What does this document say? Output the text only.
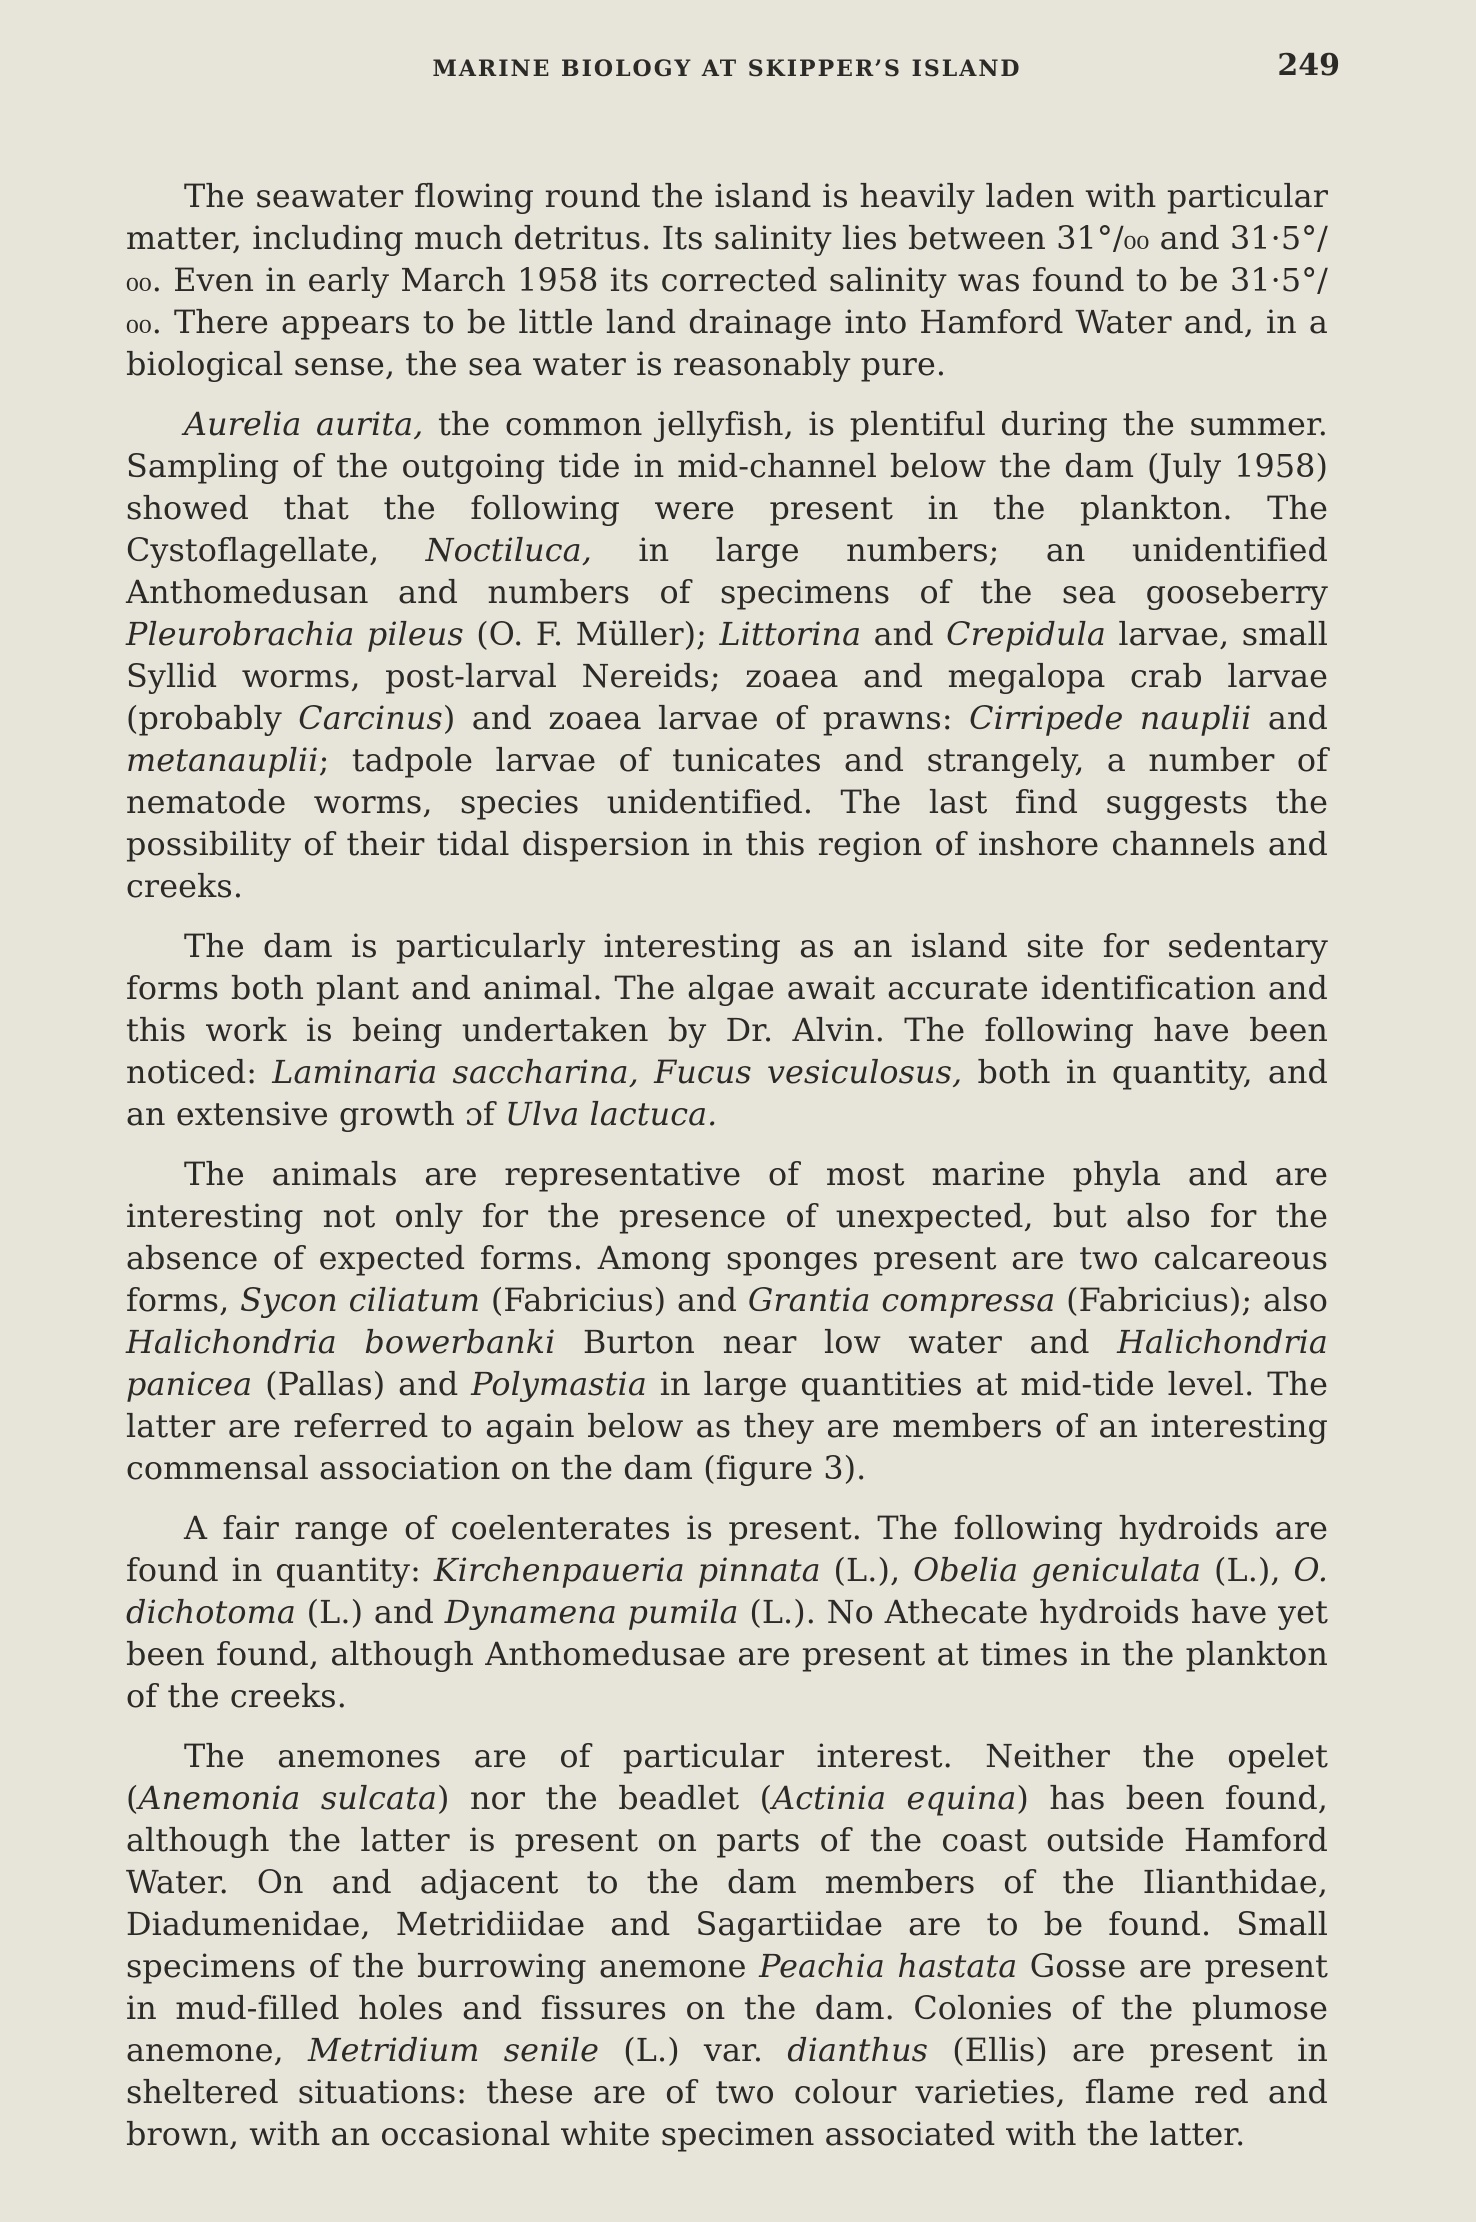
MARINE BIOLOGY AT SKIPPER’S ISLAND	249

The seawater flowing round the island is heavily laden with particular matter, including much detritus. Its salinity lies between 31°/₀₀ and 31·5°/₀₀. Even in early March 1958 its corrected salinity was found to be 31·5°/₀₀. There appears to be little land drainage into Hamford Water and, in a biological sense, the sea water is reasonably pure.

Aurelia aurita, the common jellyfish, is plentiful during the summer. Sampling of the outgoing tide in mid-channel below the dam (July 1958) showed that the following were present in the plankton. The Cystoflagellate, Noctiluca, in large numbers; an unidentified Anthomedusan and numbers of specimens of the sea gooseberry Pleurobrachia pileus (O. F. Müller); Littorina and Crepidula larvae, small Syllid worms, post-larval Nereids; zoaea and megalopa crab larvae (probably Carcinus) and zoaea larvae of prawns: Cirripede nauplii and metanauplii; tadpole larvae of tunicates and strangely, a number of nematode worms, species unidentified. The last find suggests the possibility of their tidal dispersion in this region of inshore channels and creeks.

The dam is particularly interesting as an island site for sedentary forms both plant and animal. The algae await accurate identification and this work is being undertaken by Dr. Alvin. The following have been noticed: Laminaria saccharina, Fucus vesiculosus, both in quantity, and an extensive growth ɔf Ulva lactuca.

The animals are representative of most marine phyla and are interesting not only for the presence of unexpected, but also for the absence of expected forms. Among sponges present are two calcareous forms, Sycon ciliatum (Fabricius) and Grantia compressa (Fabricius); also Halichondria bowerbanki Burton near low water and Halichondria panicea (Pallas) and Polymastia in large quantities at mid-tide level. The latter are referred to again below as they are members of an interesting commensal association on the dam (figure 3).

A fair range of coelenterates is present. The following hydroids are found in quantity: Kirchenpaueria pinnata (L.), Obelia geniculata (L.), O. dichotoma (L.) and Dynamena pumila (L.). No Athecate hydroids have yet been found, although Anthomedusae are present at times in the plankton of the creeks.

The anemones are of particular interest. Neither the opelet (Anemonia sulcata) nor the beadlet (Actinia equina) has been found, although the latter is present on parts of the coast outside Hamford Water. On and adjacent to the dam members of the Ilianthidae, Diadumenidae, Metridiidae and Sagartiidae are to be found. Small specimens of the burrowing anemone Peachia hastata Gosse are present in mud-filled holes and fissures on the dam. Colonies of the plumose anemone, Metridium senile (L.) var. dianthus (Ellis) are present in sheltered situations: these are of two colour varieties, flame red and brown, with an occasional white specimen associated with the latter.
